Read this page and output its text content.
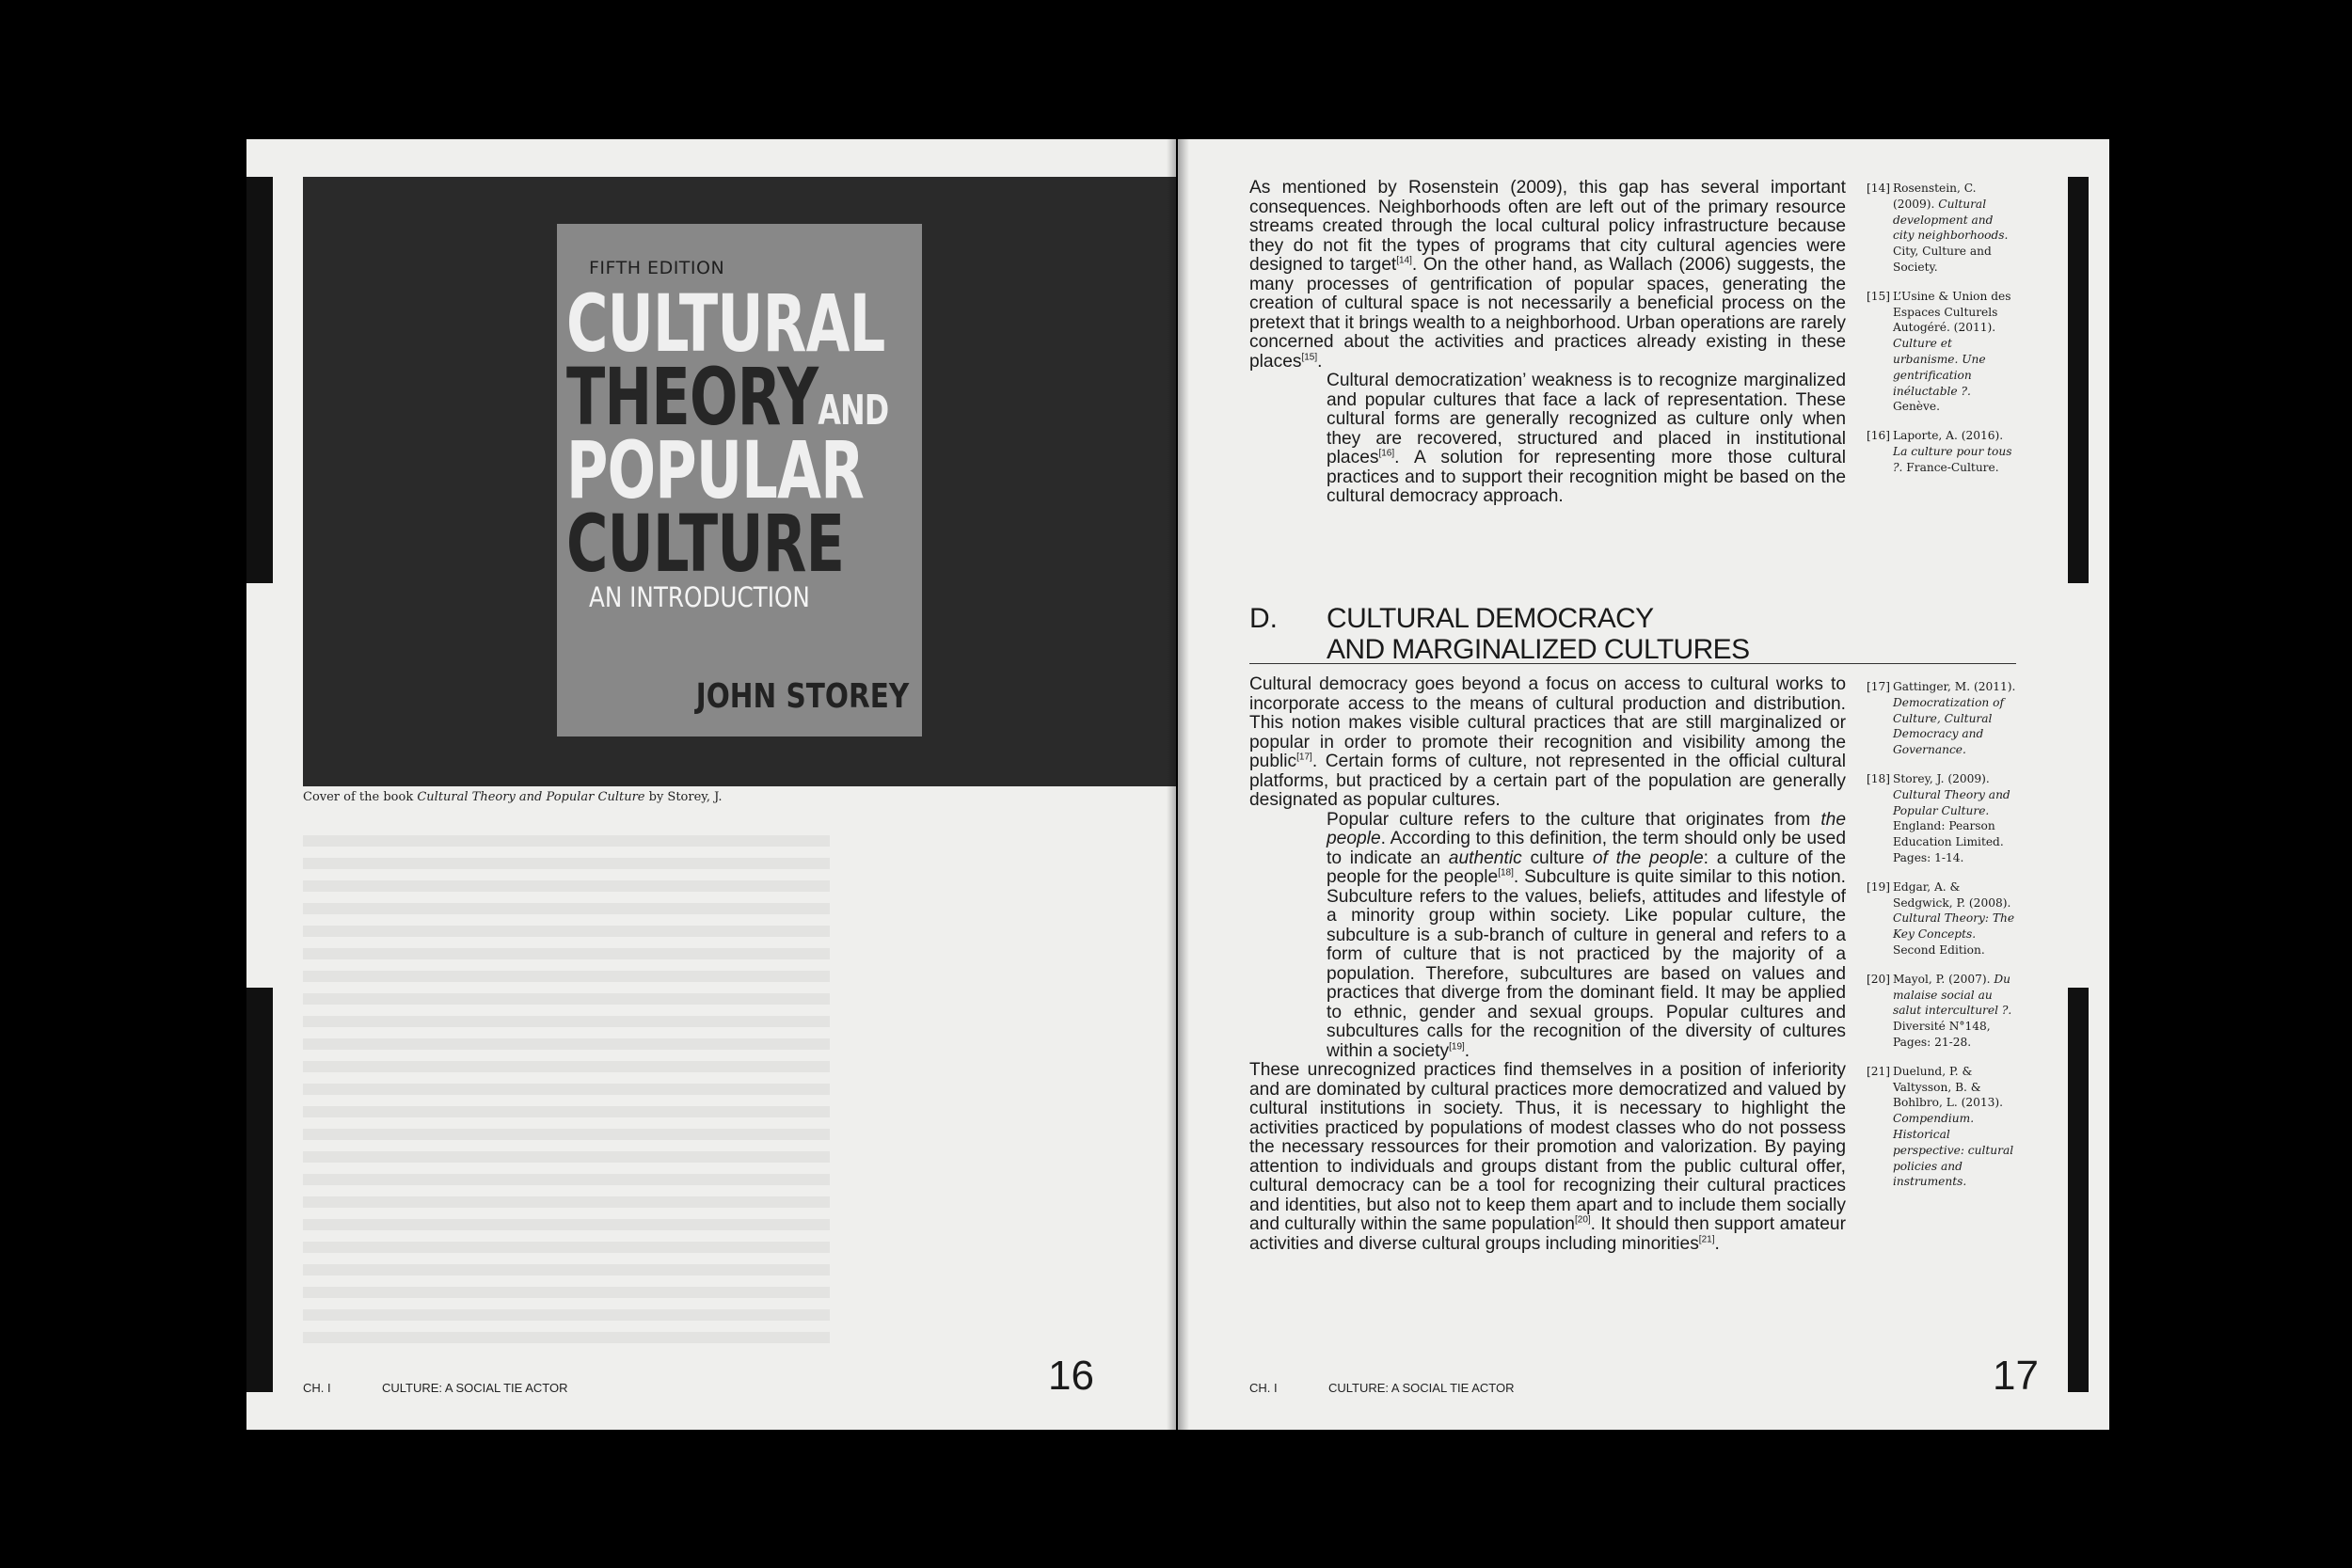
FIFTH EDITION
CULTURAL
THEORYAND
POPULAR
CULTURE
AN INTRODUCTION
JOHN STOREY
Cover of the book Cultural Theory and Popular Culture by Storey, J.
CH. I	CULTURE: A SOCIAL TIE ACTOR	16

As mentioned by Rosenstein (2009), this gap has several important consequences. Neighborhoods often are left out of the primary resource streams created through the local cultural policy infrastructure because they do not fit the types of programs that city cultural agencies were designed to target[14]. On the other hand, as Wallach (2006) suggests, the many processes of gentrification of popular spaces, generating the creation of cultural space is not necessarily a beneficial process on the pretext that it brings wealth to a neighborhood. Urban operations are rarely concerned about the activities and practices already existing in these places[15].

Cultural democratization’ weakness is to recognize marginalized and popular cultures that face a lack of representation. These cultural forms are generally recognized as culture only when they are recovered, structured and placed in institutional places[16]. A solution for representing more those cultural practices and to support their recognition might be based on the cultural democracy approach.

[14] Rosenstein, C. (2009). Cultural development and city neighborhoods. City, Culture and Society.
[15] L’Usine & Union des Espaces Culturels Autogéré. (2011). Culture et urbanisme. Une gentrification inéluctable ?. Genève.
[16] Laporte, A. (2016). La culture pour tous ?. France-Culture.
D. CULTURAL DEMOCRACY
AND MARGINALIZED CULTURES

Cultural democracy goes beyond a focus on access to cultural works to incorporate access to the means of cultural production and distribution. This notion makes visible cultural practices that are still marginalized or popular in order to promote their recognition and visibility among the public[17]. Certain forms of culture, not represented in the official cultural platforms, but practiced by a certain part of the population are generally designated as popular cultures.

Popular culture refers to the culture that originates from the people. According to this definition, the term should only be used to indicate an authentic culture of the people: a culture of the people for the people[18]. Subculture is quite similar to this notion. Subculture refers to the values, beliefs, attitudes and lifestyle of a minority group within society. Like popular culture, the subculture is a sub-branch of culture in general and refers to a form of culture that is not practiced by the majority of a population. Therefore, subcultures are based on values and practices that diverge from the dominant field. It may be applied to ethnic, gender and sexual groups. Popular cultures and subcultures calls for the recognition of the diversity of cultures within a society[19].

These unrecognized practices find themselves in a position of inferiority and are dominated by cultural practices more democratized and valued by cultural institutions in society. Thus, it is necessary to highlight the activities practiced by populations of modest classes who do not possess the necessary ressources for their promotion and valorization. By paying attention to individuals and groups distant from the public cultural offer, cultural democracy can be a tool for recognizing their cultural practices and identities, but also not to keep them apart and to include them socially and culturally within the same population[20]. It should then support amateur activities and diverse cultural groups including minorities[21].

[17] Gattinger, M. (2011). Democratization of Culture, Cultural Democracy and Governance.
[18] Storey, J. (2009). Cultural Theory and Popular Culture. England: Pearson Education Limited. Pages: 1-14.
[19] Edgar, A. & Sedgwick, P. (2008). Cultural Theory: The Key Concepts. Second Edition.
[20] Mayol, P. (2007). Du malaise social au salut interculturel ?. Diversité N°148, Pages: 21-28.
[21] Duelund, P. & Valtysson, B. & Bohlbro, L. (2013). Compendium. Historical perspective: cultural policies and instruments.
CH. I	CULTURE: A SOCIAL TIE ACTOR	17
